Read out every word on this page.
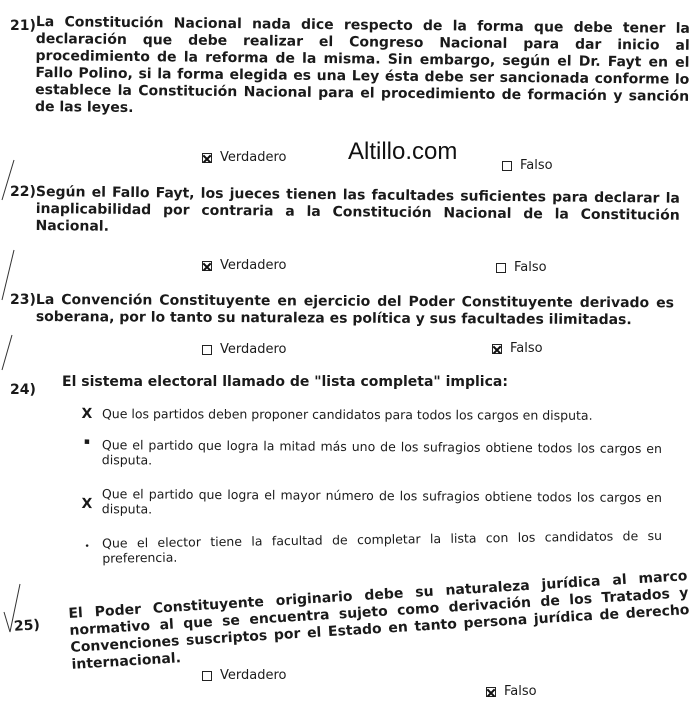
21) La Constitución Nacional nada dice respecto de la forma que debe tener la declaración que debe realizar el Congreso Nacional para dar inicio al procedimiento de la reforma de la misma. Sin embargo, según el Dr. Fayt en el Fallo Polino, si la forma elegida es una Ley ésta debe ser sancionada conforme lo establece la Constitución Nacional para el procedimiento de formación y sanción de las leyes.
Verdadero	Altillo.com
Falso
22) Según el Fallo Fayt, los jueces tienen las facultades suficientes para declarar la inaplicabilidad por contraria a la Constitución Nacional de la Constitución Nacional.
Verdadero	Falso
23) La Convención Constituyente en ejercicio del Poder Constituyente derivado es soberana, por lo tanto su naturaleza es política y sus facultades ilimitadas.
Verdadero	Falso
24) El sistema electoral llamado de "lista completa" implica:
X Que los partidos deben proponer candidatos para todos los cargos en disputa.
▪ Que el partido que logra la mitad más uno de los sufragios obtiene todos los cargos en disputa.
X Que el partido que logra el mayor número de los sufragios obtiene todos los cargos en disputa.
• Que el elector tiene la facultad de completar la lista con los candidatos de su preferencia.
25)
El Poder Constituyente originario debe su naturaleza jurídica al marco normativo al que se encuentra sujeto como derivación de los Tratados y Convenciones suscriptos por el Estado en tanto persona jurídica de derecho internacional.
Verdadero
Falso
